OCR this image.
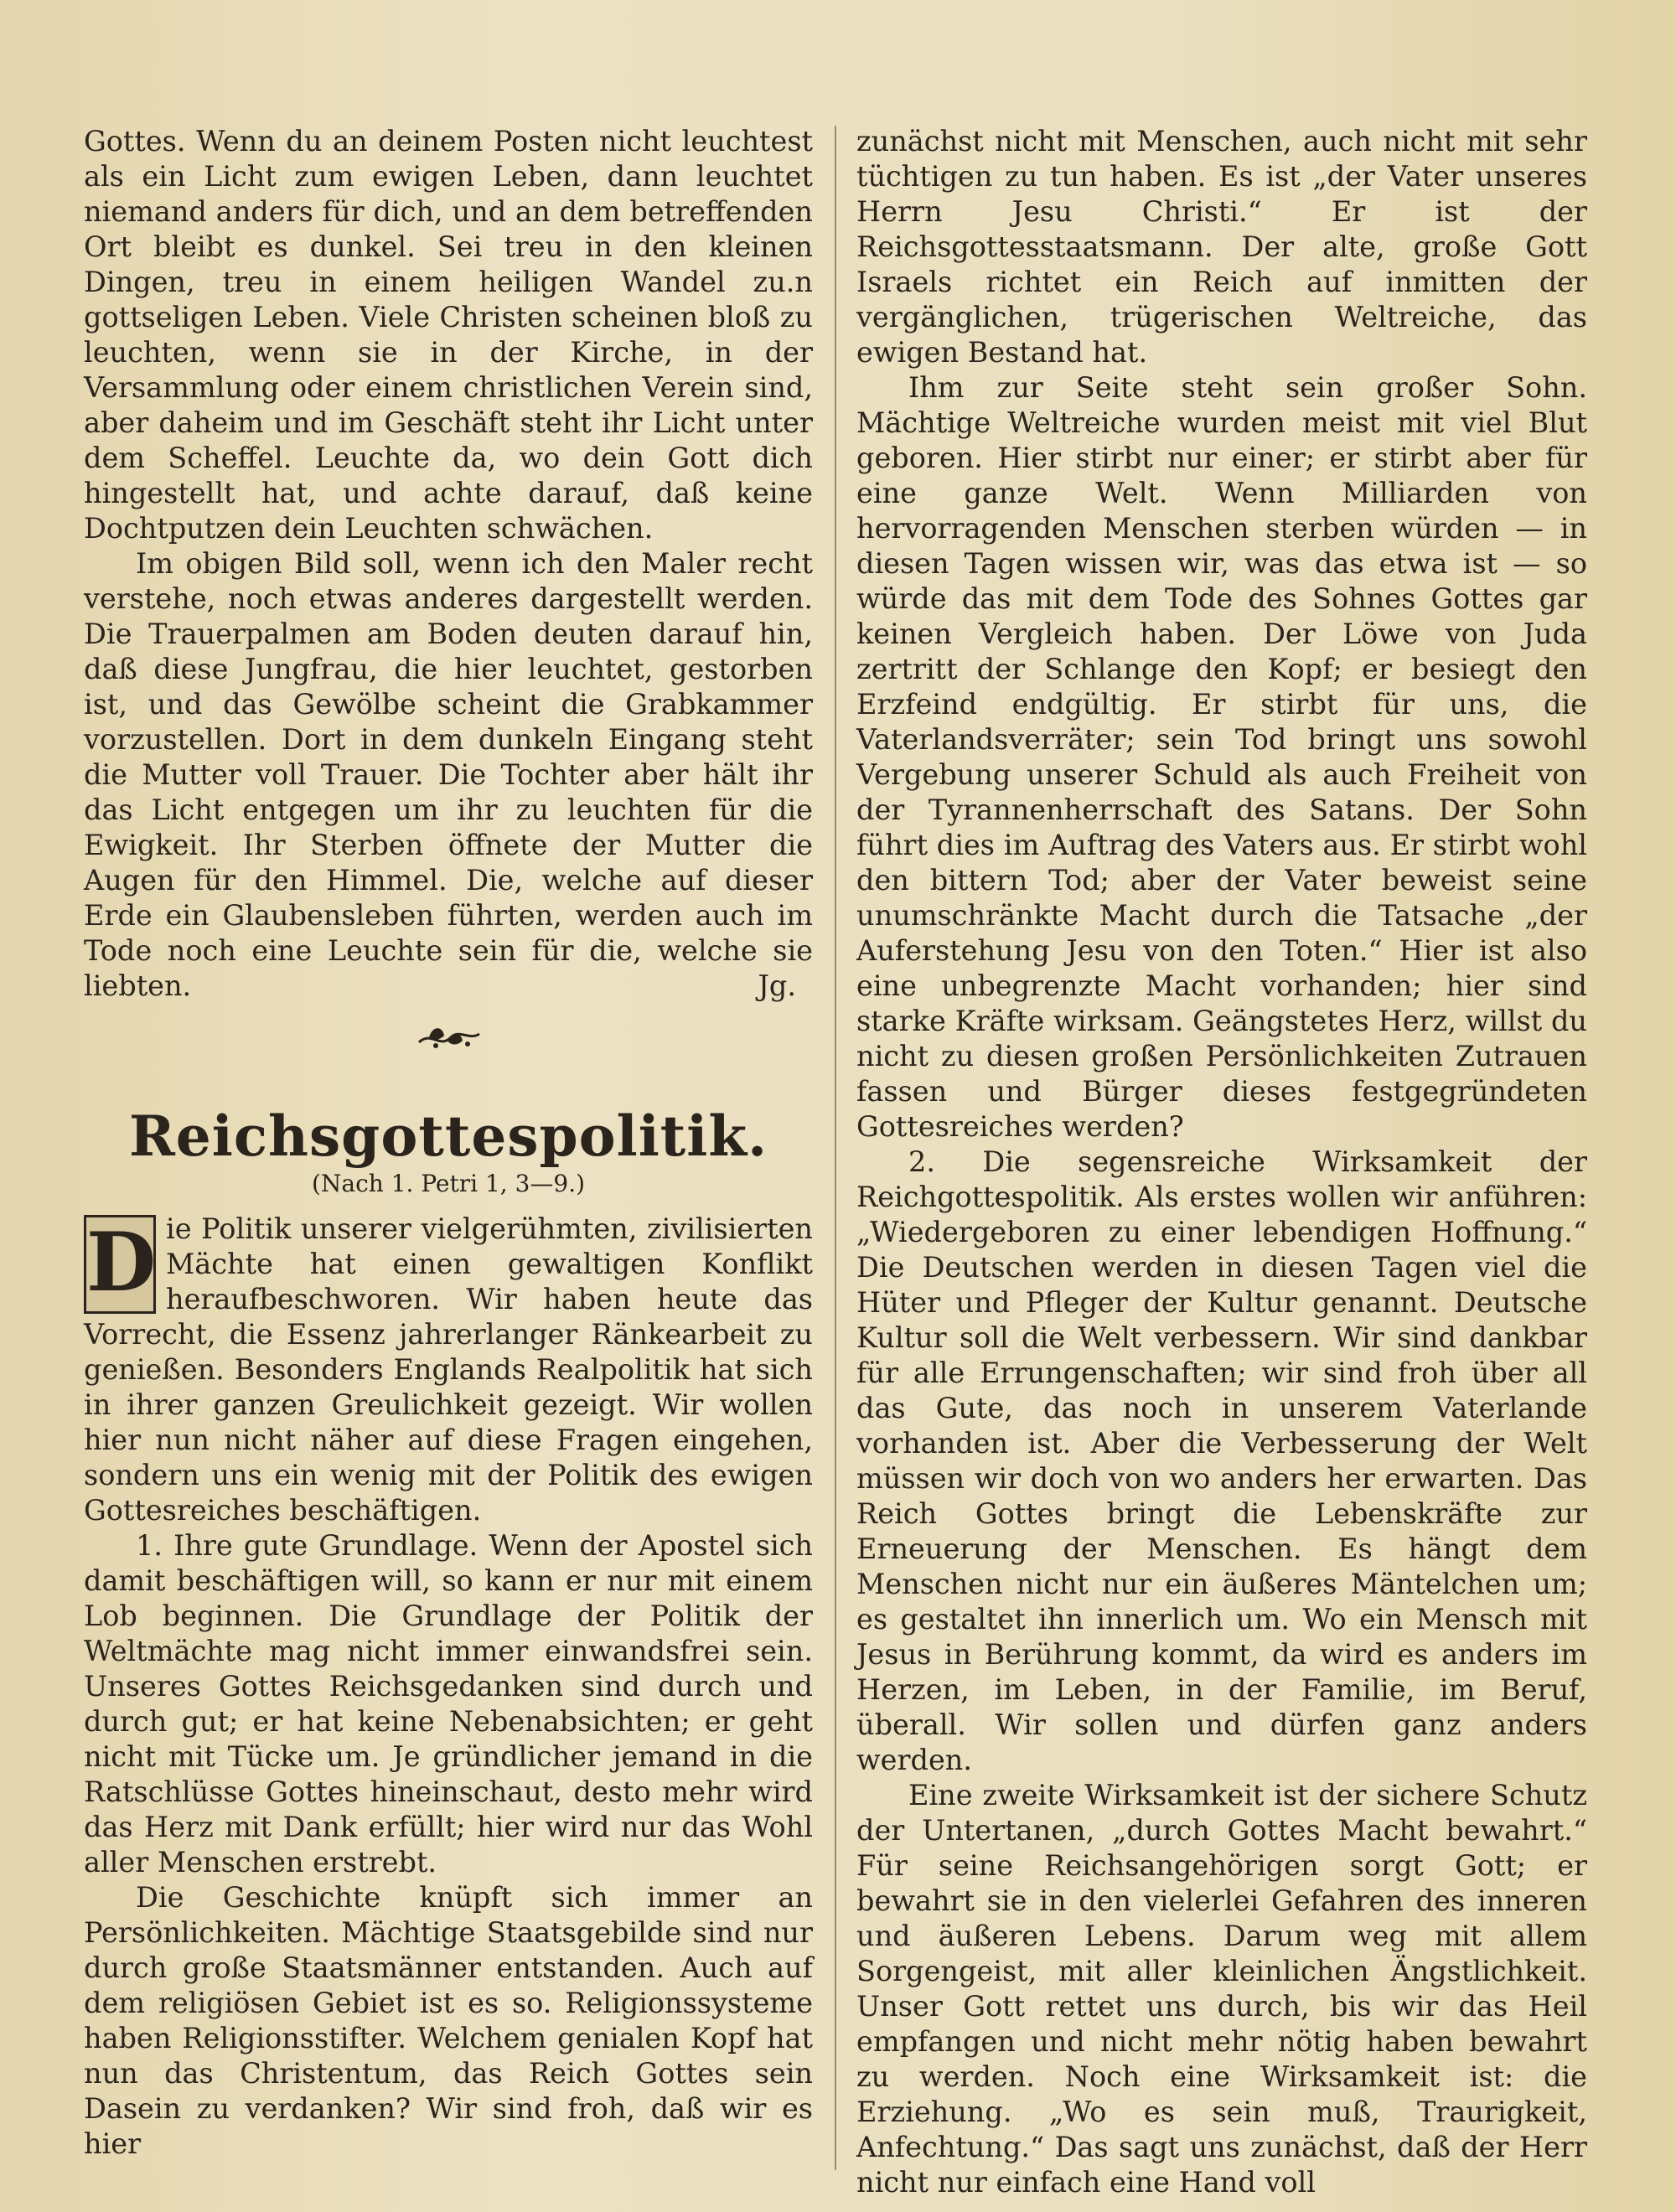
Gottes. Wenn du an deinem Posten nicht leuchtest als ein Licht zum ewigen Leben, dann leuchtet niemand anders für dich, und an dem betreffenden Ort bleibt es dunkel. Sei treu in den kleinen Dingen, treu in einem heiligen Wandel zu.n gottseligen Leben. Viele Christen scheinen bloß zu leuchten, wenn sie in der Kirche, in der Versammlung oder einem christlichen Verein sind, aber daheim und im Geschäft steht ihr Licht unter dem Scheffel. Leuchte da, wo dein Gott dich hingestellt hat, und achte darauf, daß keine Dochtputzen dein Leuchten schwächen.

Im obigen Bild soll, wenn ich den Maler recht verstehe, noch etwas anderes dargestellt werden. Die Trauerpalmen am Boden deuten darauf hin, daß diese Jungfrau, die hier leuchtet, gestorben ist, und das Gewölbe scheint die Grabkammer vorzustellen. Dort in dem dunkeln Eingang steht die Mutter voll Trauer. Die Tochter aber hält ihr das Licht entgegen um ihr zu leuchten für die Ewigkeit. Ihr Sterben öffnete der Mutter die Augen für den Himmel. Die, welche auf dieser Erde ein Glaubensleben führten, werden auch im Tode noch eine Leuchte sein für die, welche sie liebten.	Jg.

Reichsgottespolitik.
(Nach 1. Petri 1, 3—9.)

D ie Politik unserer vielgerühmten, zivilisierten Mächte hat einen gewaltigen Konflikt heraufbeschworen. Wir haben heute das Vorrecht, die Essenz jahrerlanger Ränkearbeit zu genießen. Besonders Englands Realpolitik hat sich in ihrer ganzen Greulichkeit gezeigt. Wir wollen hier nun nicht näher auf diese Fragen eingehen, sondern uns ein wenig mit der Politik des ewigen Gottesreiches beschäftigen.

1. Ihre gute Grundlage. Wenn der Apostel sich damit beschäftigen will, so kann er nur mit einem Lob beginnen. Die Grundlage der Politik der Weltmächte mag nicht immer einwandsfrei sein. Unseres Gottes Reichsgedanken sind durch und durch gut; er hat keine Nebenabsichten; er geht nicht mit Tücke um. Je gründlicher jemand in die Ratschlüsse Gottes hineinschaut, desto mehr wird das Herz mit Dank erfüllt; hier wird nur das Wohl aller Menschen erstrebt.

Die Geschichte knüpft sich immer an Persönlichkeiten. Mächtige Staatsgebilde sind nur durch große Staatsmänner entstanden. Auch auf dem religiösen Gebiet ist es so. Religionssysteme haben Religionsstifter. Welchem genialen Kopf hat nun das Christentum, das Reich Gottes sein Dasein zu verdanken? Wir sind froh, daß wir es hier

zunächst nicht mit Menschen, auch nicht mit sehr tüchtigen zu tun haben. Es ist „der Vater unseres Herrn Jesu Christi.“ Er ist der Reichsgottesstaatsmann. Der alte, große Gott Israels richtet ein Reich auf inmitten der vergänglichen, trügerischen Weltreiche, das ewigen Bestand hat.

Ihm zur Seite steht sein großer Sohn. Mächtige Weltreiche wurden meist mit viel Blut geboren. Hier stirbt nur einer; er stirbt aber für eine ganze Welt. Wenn Milliarden von hervorragenden Menschen sterben würden — in diesen Tagen wissen wir, was das etwa ist — so würde das mit dem Tode des Sohnes Gottes gar keinen Vergleich haben. Der Löwe von Juda zertritt der Schlange den Kopf; er besiegt den Erzfeind endgültig. Er stirbt für uns, die Vaterlandsverräter; sein Tod bringt uns sowohl Vergebung unserer Schuld als auch Freiheit von der Tyrannenherrschaft des Satans. Der Sohn führt dies im Auftrag des Vaters aus. Er stirbt wohl den bittern Tod; aber der Vater beweist seine unumschränkte Macht durch die Tatsache „der Auferstehung Jesu von den Toten.“ Hier ist also eine unbegrenzte Macht vorhanden; hier sind starke Kräfte wirksam. Geängstetes Herz, willst du nicht zu diesen großen Persönlichkeiten Zutrauen fassen und Bürger dieses festgegründeten Gottesreiches werden?

2. Die segensreiche Wirksamkeit der Reichgottespolitik. Als erstes wollen wir anführen: „Wiedergeboren zu einer lebendigen Hoffnung.“ Die Deutschen werden in diesen Tagen viel die Hüter und Pfleger der Kultur genannt. Deutsche Kultur soll die Welt verbessern. Wir sind dankbar für alle Errungenschaften; wir sind froh über all das Gute, das noch in unserem Vaterlande vorhanden ist. Aber die Verbesserung der Welt müssen wir doch von wo anders her erwarten. Das Reich Gottes bringt die Lebenskräfte zur Erneuerung der Menschen. Es hängt dem Menschen nicht nur ein äußeres Mäntelchen um; es gestaltet ihn innerlich um. Wo ein Mensch mit Jesus in Berührung kommt, da wird es anders im Herzen, im Leben, in der Familie, im Beruf, überall. Wir sollen und dürfen ganz anders werden.

Eine zweite Wirksamkeit ist der sichere Schutz der Untertanen, „durch Gottes Macht bewahrt.“ Für seine Reichsangehörigen sorgt Gott; er bewahrt sie in den vielerlei Gefahren des inneren und äußeren Lebens. Darum weg mit allem Sorgengeist, mit aller kleinlichen Ängstlichkeit. Unser Gott rettet uns durch, bis wir das Heil empfangen und nicht mehr nötig haben bewahrt zu werden. Noch eine Wirksamkeit ist: die Erziehung. „Wo es sein muß, Traurigkeit, Anfechtung.“ Das sagt uns zunächst, daß der Herr nicht nur einfach eine Hand voll
